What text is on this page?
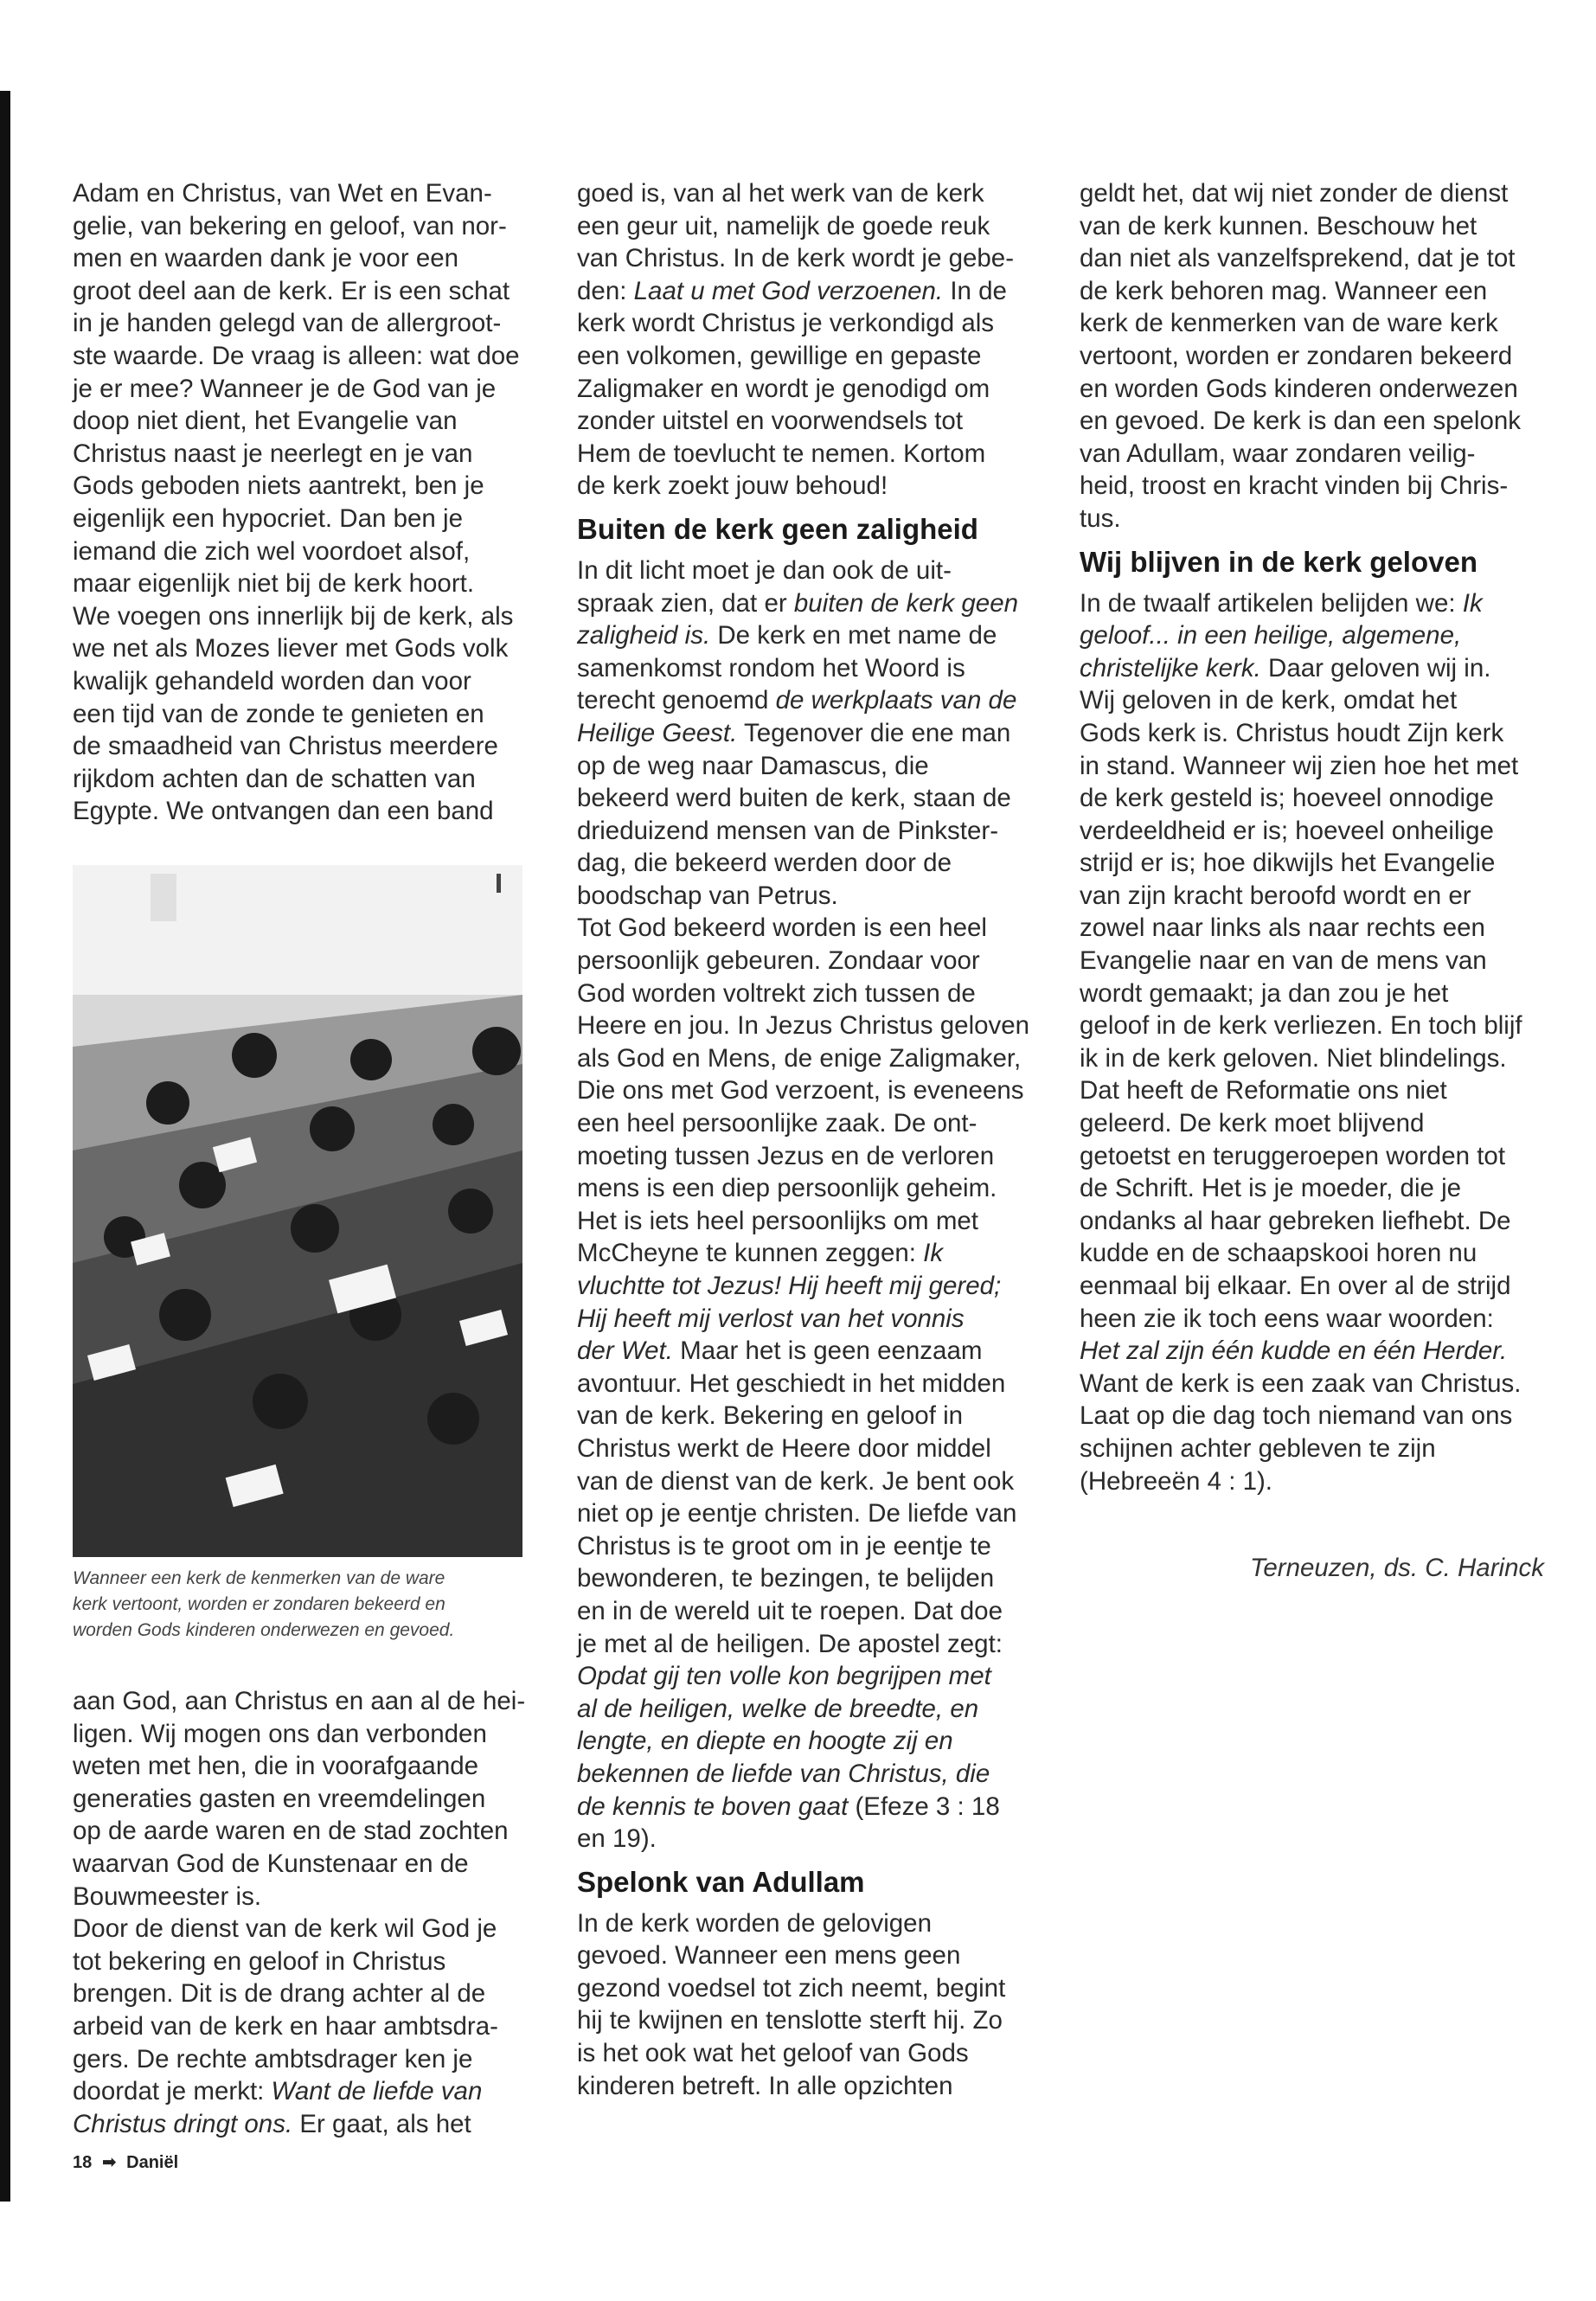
Adam en Christus, van Wet en Evan-
gelie, van bekering en geloof, van nor-
men en waarden dank je voor een
groot deel aan de kerk. Er is een schat
in je handen gelegd van de allergroot-
ste waarde. De vraag is alleen: wat doe
je er mee? Wanneer je de God van je
doop niet dient, het Evangelie van
Christus naast je neerlegt en je van
Gods geboden niets aantrekt, ben je
eigenlijk een hypocriet. Dan ben je
iemand die zich wel voordoet alsof,
maar eigenlijk niet bij de kerk hoort.
We voegen ons innerlijk bij de kerk, als
we net als Mozes liever met Gods volk
kwalijk gehandeld worden dan voor
een tijd van de zonde te genieten en
de smaadheid van Christus meerdere
rijkdom achten dan de schatten van
Egypte. We ontvangen dan een band
Wanneer een kerk de kenmerken van de ware
kerk vertoont, worden er zondaren bekeerd en
worden Gods kinderen onderwezen en gevoed.
aan God, aan Christus en aan al de hei-
ligen. Wij mogen ons dan verbonden
weten met hen, die in voorafgaande
generaties gasten en vreemdelingen
op de aarde waren en de stad zochten
waarvan God de Kunstenaar en de
Bouwmeester is.
Door de dienst van de kerk wil God je
tot bekering en geloof in Christus
brengen. Dit is de drang achter al de
arbeid van de kerk en haar ambtsdra-
gers. De rechte ambtsdrager ken je
doordat je merkt: Want de liefde van
Christus dringt ons. Er gaat, als het
goed is, van al het werk van de kerk
een geur uit, namelijk de goede reuk
van Christus. In de kerk wordt je gebe-
den: Laat u met God verzoenen. In de
kerk wordt Christus je verkondigd als
een volkomen, gewillige en gepaste
Zaligmaker en wordt je genodigd om
zonder uitstel en voorwendsels tot
Hem de toevlucht te nemen. Kortom
de kerk zoekt jouw behoud!
Buiten de kerk geen zaligheid
In dit licht moet je dan ook de uit-
spraak zien, dat er buiten de kerk geen
zaligheid is. De kerk en met name de
samenkomst rondom het Woord is
terecht genoemd de werkplaats van de
Heilige Geest. Tegenover die ene man
op de weg naar Damascus, die
bekeerd werd buiten de kerk, staan de
drieduizend mensen van de Pinkster-
dag, die bekeerd werden door de
boodschap van Petrus.
Tot God bekeerd worden is een heel
persoonlijk gebeuren. Zondaar voor
God worden voltrekt zich tussen de
Heere en jou. In Jezus Christus geloven
als God en Mens, de enige Zaligmaker,
Die ons met God verzoent, is eveneens
een heel persoonlijke zaak. De ont-
moeting tussen Jezus en de verloren
mens is een diep persoonlijk geheim.
Het is iets heel persoonlijks om met
McCheyne te kunnen zeggen: Ik
vluchtte tot Jezus! Hij heeft mij gered;
Hij heeft mij verlost van het vonnis
der Wet. Maar het is geen eenzaam
avontuur. Het geschiedt in het midden
van de kerk. Bekering en geloof in
Christus werkt de Heere door middel
van de dienst van de kerk. Je bent ook
niet op je eentje christen. De liefde van
Christus is te groot om in je eentje te
bewonderen, te bezingen, te belijden
en in de wereld uit te roepen. Dat doe
je met al de heiligen. De apostel zegt:
Opdat gij ten volle kon begrijpen met
al de heiligen, welke de breedte, en
lengte, en diepte en hoogte zij en
bekennen de liefde van Christus, die
de kennis te boven gaat (Efeze 3 : 18
en 19).
Spelonk van Adullam
In de kerk worden de gelovigen
gevoed. Wanneer een mens geen
gezond voedsel tot zich neemt, begint
hij te kwijnen en tenslotte sterft hij. Zo
is het ook wat het geloof van Gods
kinderen betreft. In alle opzichten
geldt het, dat wij niet zonder de dienst
van de kerk kunnen. Beschouw het
dan niet als vanzelfsprekend, dat je tot
de kerk behoren mag. Wanneer een
kerk de kenmerken van de ware kerk
vertoont, worden er zondaren bekeerd
en worden Gods kinderen onderwezen
en gevoed. De kerk is dan een spelonk
van Adullam, waar zondaren veilig-
heid, troost en kracht vinden bij Chris-
tus.
Wij blijven in de kerk geloven
In de twaalf artikelen belijden we: Ik
geloof... in een heilige, algemene,
christelijke kerk. Daar geloven wij in.
Wij geloven in de kerk, omdat het
Gods kerk is. Christus houdt Zijn kerk
in stand. Wanneer wij zien hoe het met
de kerk gesteld is; hoeveel onnodige
verdeeldheid er is; hoeveel onheilige
strijd er is; hoe dikwijls het Evangelie
van zijn kracht beroofd wordt en er
zowel naar links als naar rechts een
Evangelie naar en van de mens van
wordt gemaakt; ja dan zou je het
geloof in de kerk verliezen. En toch blijf
ik in de kerk geloven. Niet blindelings.
Dat heeft de Reformatie ons niet
geleerd. De kerk moet blijvend
getoetst en teruggeroepen worden tot
de Schrift. Het is je moeder, die je
ondanks al haar gebreken liefhebt. De
kudde en de schaapskooi horen nu
eenmaal bij elkaar. En over al de strijd
heen zie ik toch eens waar woorden:
Het zal zijn één kudde en één Herder.
Want de kerk is een zaak van Christus.
Laat op die dag toch niemand van ons
schijnen achter gebleven te zijn
(Hebreeën 4 : 1).
Terneuzen, ds. C. Harinck
18 ➡ Daniël
